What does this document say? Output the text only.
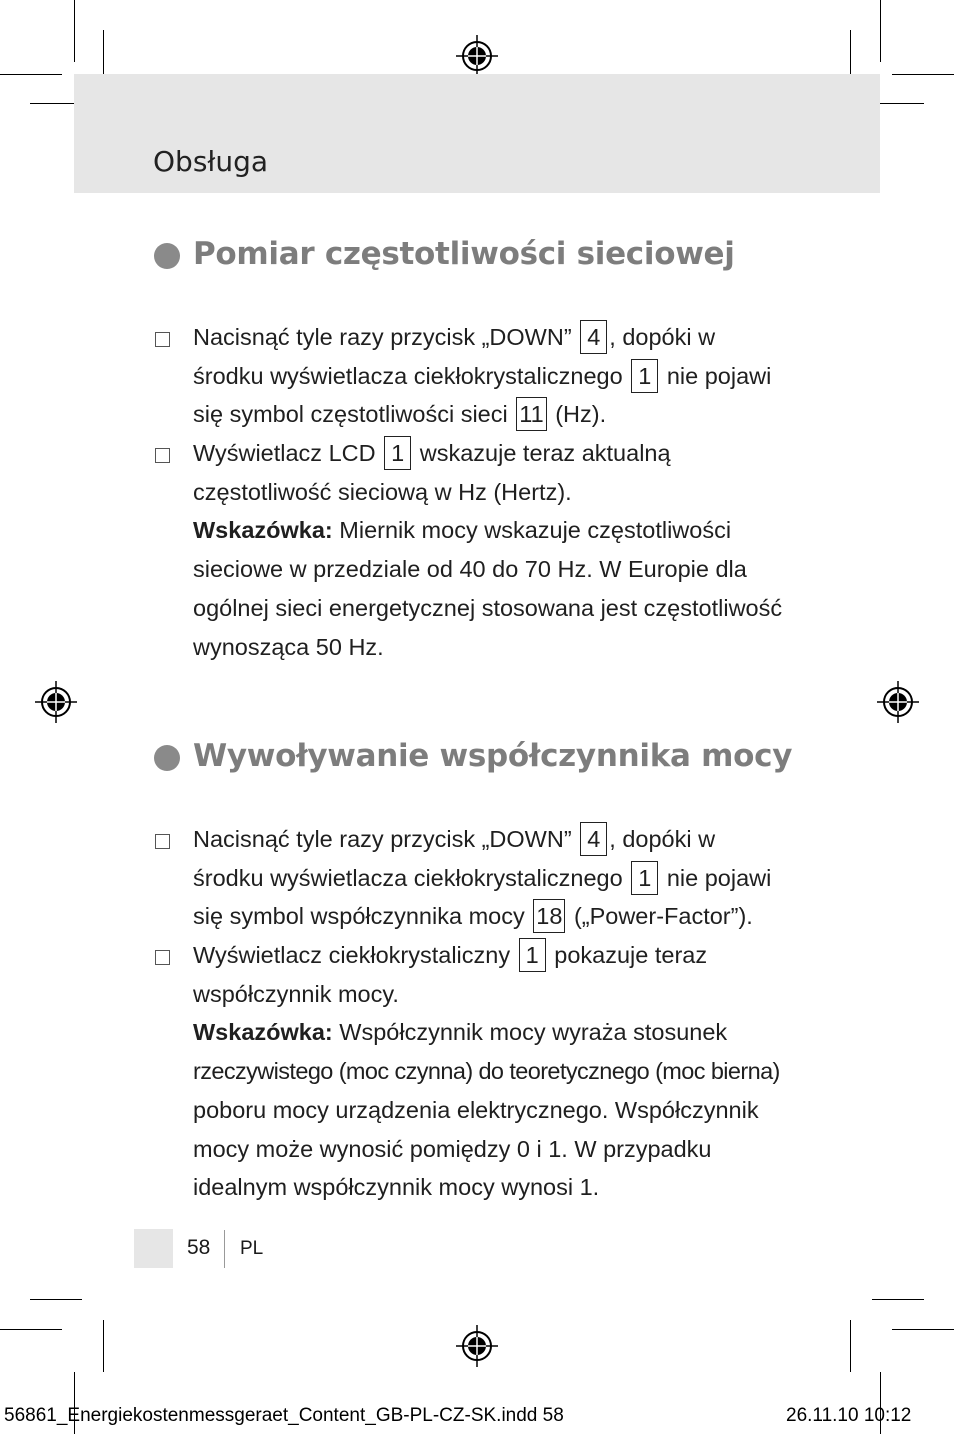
Obsługa
Pomiar częstotliwości sieciowej
Nacisnąć tyle razy przycisk „DOWN” 4 , dopóki w
środku wyświetlacza ciekłokrystalicznego 1 nie pojawi
się symbol częstotliwości sieci 11 (Hz).
Wyświetlacz LCD 1 wskazuje teraz aktualną
częstotliwość sieciową w Hz (Hertz).
Wskazówka: Miernik mocy wskazuje częstotliwości
sieciowe w przedziale od 40 do 70 Hz. W Europie dla
ogólnej sieci energetycznej stosowana jest częstotliwość
wynosząca 50 Hz.
Wywoływanie współczynnika mocy
Nacisnąć tyle razy przycisk „DOWN” 4 , dopóki w
środku wyświetlacza ciekłokrystalicznego 1 nie pojawi
się symbol współczynnika mocy 18 („Power-Factor”).
Wyświetlacz ciekłokrystaliczny 1 pokazuje teraz
współczynnik mocy.
Wskazówka: Współczynnik mocy wyraża stosunek
rzeczywistego (moc czynna) do teoretycznego (moc bierna)
poboru mocy urządzenia elektrycznego. Współczynnik
mocy może wynosić pomiędzy 0 i 1. W przypadku
idealnym współczynnik mocy wynosi 1.
58 PL
56861_Energiekostenmessgeraet_Content_GB-PL-CZ-SK.indd 58	26.11.10 10:12
